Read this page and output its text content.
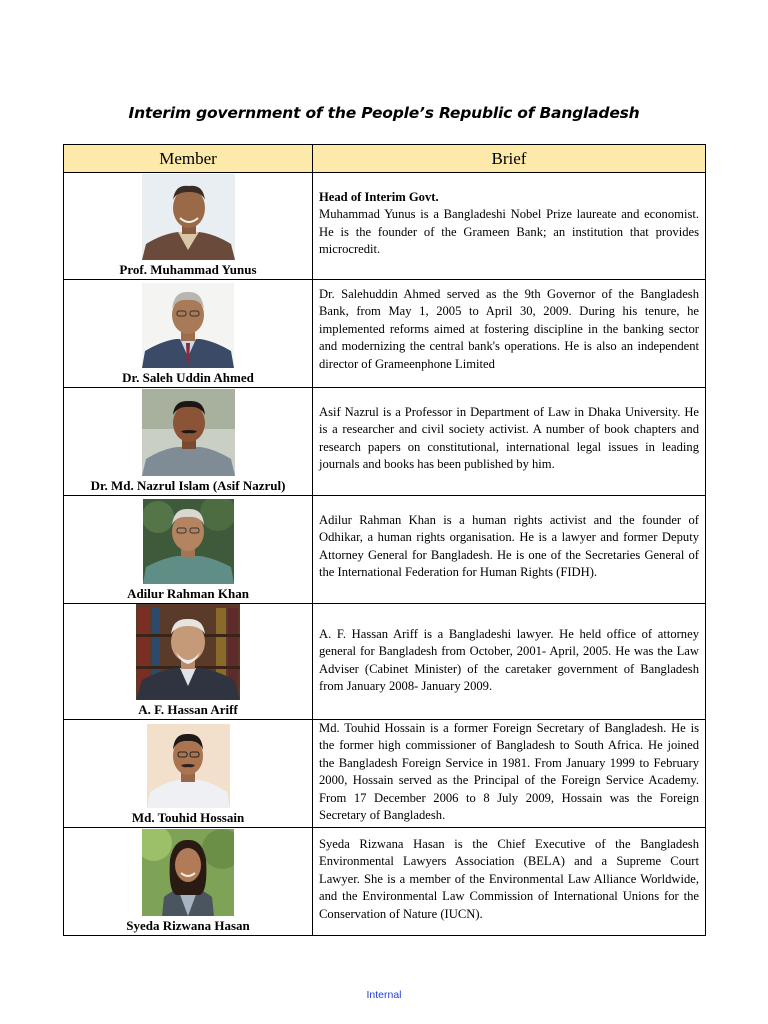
Interim government of the People’s Republic of Bangladesh
Member	Brief

Prof. Muhammad Yunus	Head of Interim Govt.
Muhammad Yunus is a Bangladeshi Nobel Prize laureate and economist. He is the founder of the Grameen Bank; an institution that provides microcredit.

Dr. Saleh Uddin Ahmed	Dr. Salehuddin Ahmed served as the 9th Governor of the Bangladesh Bank, from May 1, 2005 to April 30, 2009. During his tenure, he implemented reforms aimed at fostering discipline in the banking sector and modernizing the central bank's operations. He is also an independent director of Grameenphone Limited

Dr. Md. Nazrul Islam (Asif Nazrul)	Asif Nazrul is a Professor in Department of Law in Dhaka University. He is a researcher and civil society activist. A number of book chapters and research papers on constitutional, international legal issues in leading journals and books has been published by him.

Adilur Rahman Khan	Adilur Rahman Khan is a human rights activist and the founder of Odhikar, a human rights organisation. He is a lawyer and former Deputy Attorney General for Bangladesh. He is one of the Secretaries General of the International Federation for Human Rights (FIDH).

A. F. Hassan Ariff	A. F. Hassan Ariff is a Bangladeshi lawyer. He held office of attorney general for Bangladesh from October, 2001- April, 2005. He was the Law Adviser (Cabinet Minister) of the caretaker government of Bangladesh from January 2008- January 2009.

Md. Touhid Hossain	Md. Touhid Hossain is a former Foreign Secretary of Bangladesh. He is the former high commissioner of Bangladesh to South Africa. He joined the Bangladesh Foreign Service in 1981. From January 1999 to February 2000, Hossain served as the Principal of the Foreign Service Academy. From 17 December 2006 to 8 July 2009, Hossain was the Foreign Secretary of Bangladesh.

Syeda Rizwana Hasan	Syeda Rizwana Hasan is the Chief Executive of the Bangladesh Environmental Lawyers Association (BELA) and a Supreme Court Lawyer. She is a member of the Environmental Law Alliance Worldwide, and the Environmental Law Commission of International Unions for the Conservation of Nature (IUCN).
Internal
